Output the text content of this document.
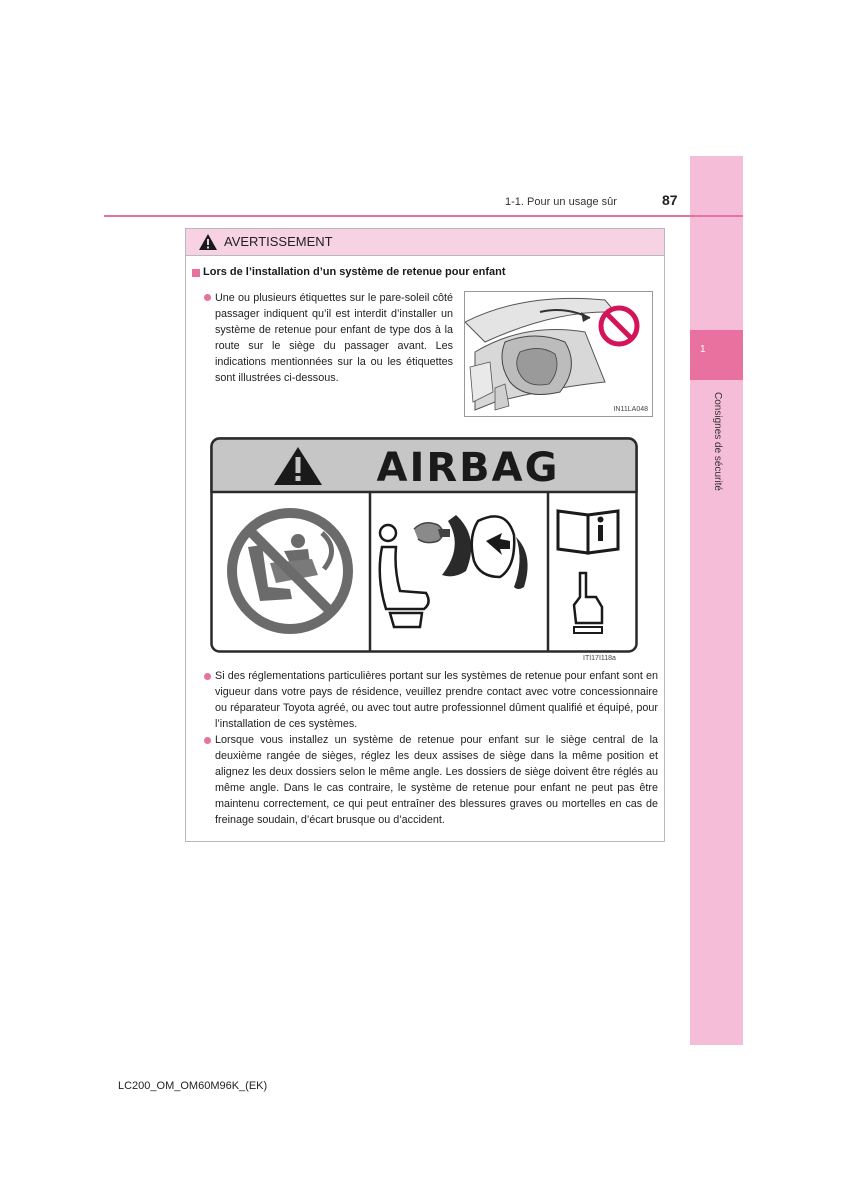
1
Consignes de sécurité
1-1. Pour un usage sûr	87
AVERTISSEMENT
Lors de l’installation d’un système de retenue pour enfant
Une ou plusieurs étiquettes sur le pare-soleil côté passager indiquent qu’il est interdit d’installer un système de retenue pour enfant de type dos à la route sur le siège du passager avant. Les indications mentionnées sur la ou les étiquettes sont illustrées ci-dessous.
IN11LA048
AIRBAG
ITI17I118a
Si des réglementations particulières portant sur les systèmes de retenue pour enfant sont en vigueur dans votre pays de résidence, veuillez prendre contact avec votre concessionnaire ou réparateur Toyota agréé, ou avec tout autre professionnel dûment qualifié et équipé, pour l’installation de ces systèmes.
Lorsque vous installez un système de retenue pour enfant sur le siège central de la deuxième rangée de sièges, réglez les deux assises de siège dans la même position et alignez les deux dossiers selon le même angle. Les dossiers de siège doivent être réglés au même angle. Dans le cas contraire, le système de retenue pour enfant ne peut pas être maintenu correctement, ce qui peut entraîner des blessures graves ou mortelles en cas de freinage soudain, d’écart brusque ou d’accident.
LC200_OM_OM60M96K_(EK)
